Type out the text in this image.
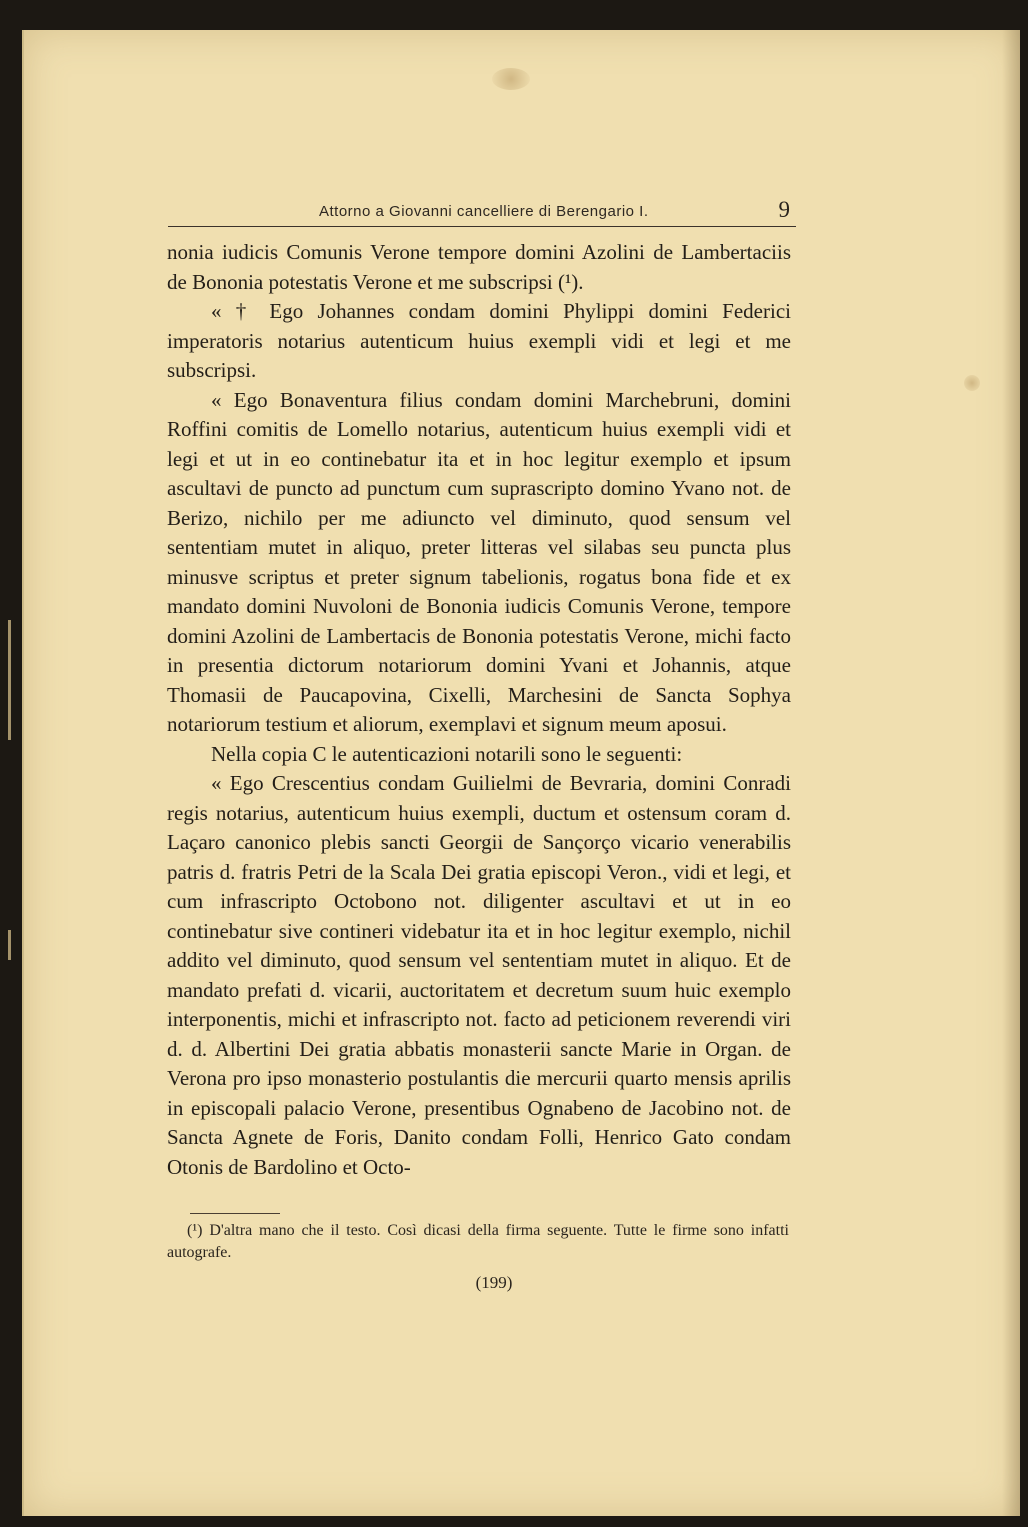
Attorno a Giovanni cancelliere di Berengario I.	9

nonia iudicis Comunis Verone tempore domini Azolini de Lambertaciis de Bononia potestatis Verone et me subscripsi (¹).

« † Ego Johannes condam domini Phylippi domini Federici imperatoris notarius autenticum huius exempli vidi et legi et me subscripsi.

« Ego Bonaventura filius condam domini Marchebruni, domini Roffini comitis de Lomello notarius, autenticum huius exempli vidi et legi et ut in eo continebatur ita et in hoc legitur exemplo et ipsum ascultavi de puncto ad punctum cum suprascripto domino Yvano not. de Berizo, nichilo per me adiuncto vel diminuto, quod sensum vel sententiam mutet in aliquo, preter litteras vel silabas seu puncta plus minusve scriptus et preter signum tabelionis, rogatus bona fide et ex mandato domini Nuvoloni de Bononia iudicis Comunis Verone, tempore domini Azolini de Lambertacis de Bononia potestatis Verone, michi facto in presentia dictorum notariorum domini Yvani et Johannis, atque Thomasii de Paucapovina, Cixelli, Marchesini de Sancta Sophya notariorum testium et aliorum, exemplavi et signum meum aposui.

Nella copia C le autenticazioni notarili sono le seguenti:

« Ego Crescentius condam Guilielmi de Bevraria, domini Conradi regis notarius, autenticum huius exempli, ductum et ostensum coram d. Laçaro canonico plebis sancti Georgii de Sançorço vicario venerabilis patris d. fratris Petri de la Scala Dei gratia episcopi Veron., vidi et legi, et cum infrascripto Octobono not. diligenter ascultavi et ut in eo continebatur sive contineri videbatur ita et in hoc legitur exemplo, nichil addito vel diminuto, quod sensum vel sententiam mutet in aliquo. Et de mandato prefati d. vicarii, auctoritatem et decretum suum huic exemplo interponentis, michi et infrascripto not. facto ad peticionem reverendi viri d. d. Albertini Dei gratia abbatis monasterii sancte Marie in Organ. de Verona pro ipso monasterio postulantis die mercurii quarto mensis aprilis in episcopali palacio Verone, presentibus Ognabeno de Jacobino not. de Sancta Agnete de Foris, Danito condam Folli, Henrico Gato condam Otonis de Bardolino et Octo-

(¹) D'altra mano che il testo. Così dicasi della firma seguente. Tutte le firme sono infatti autografe.

(199)
